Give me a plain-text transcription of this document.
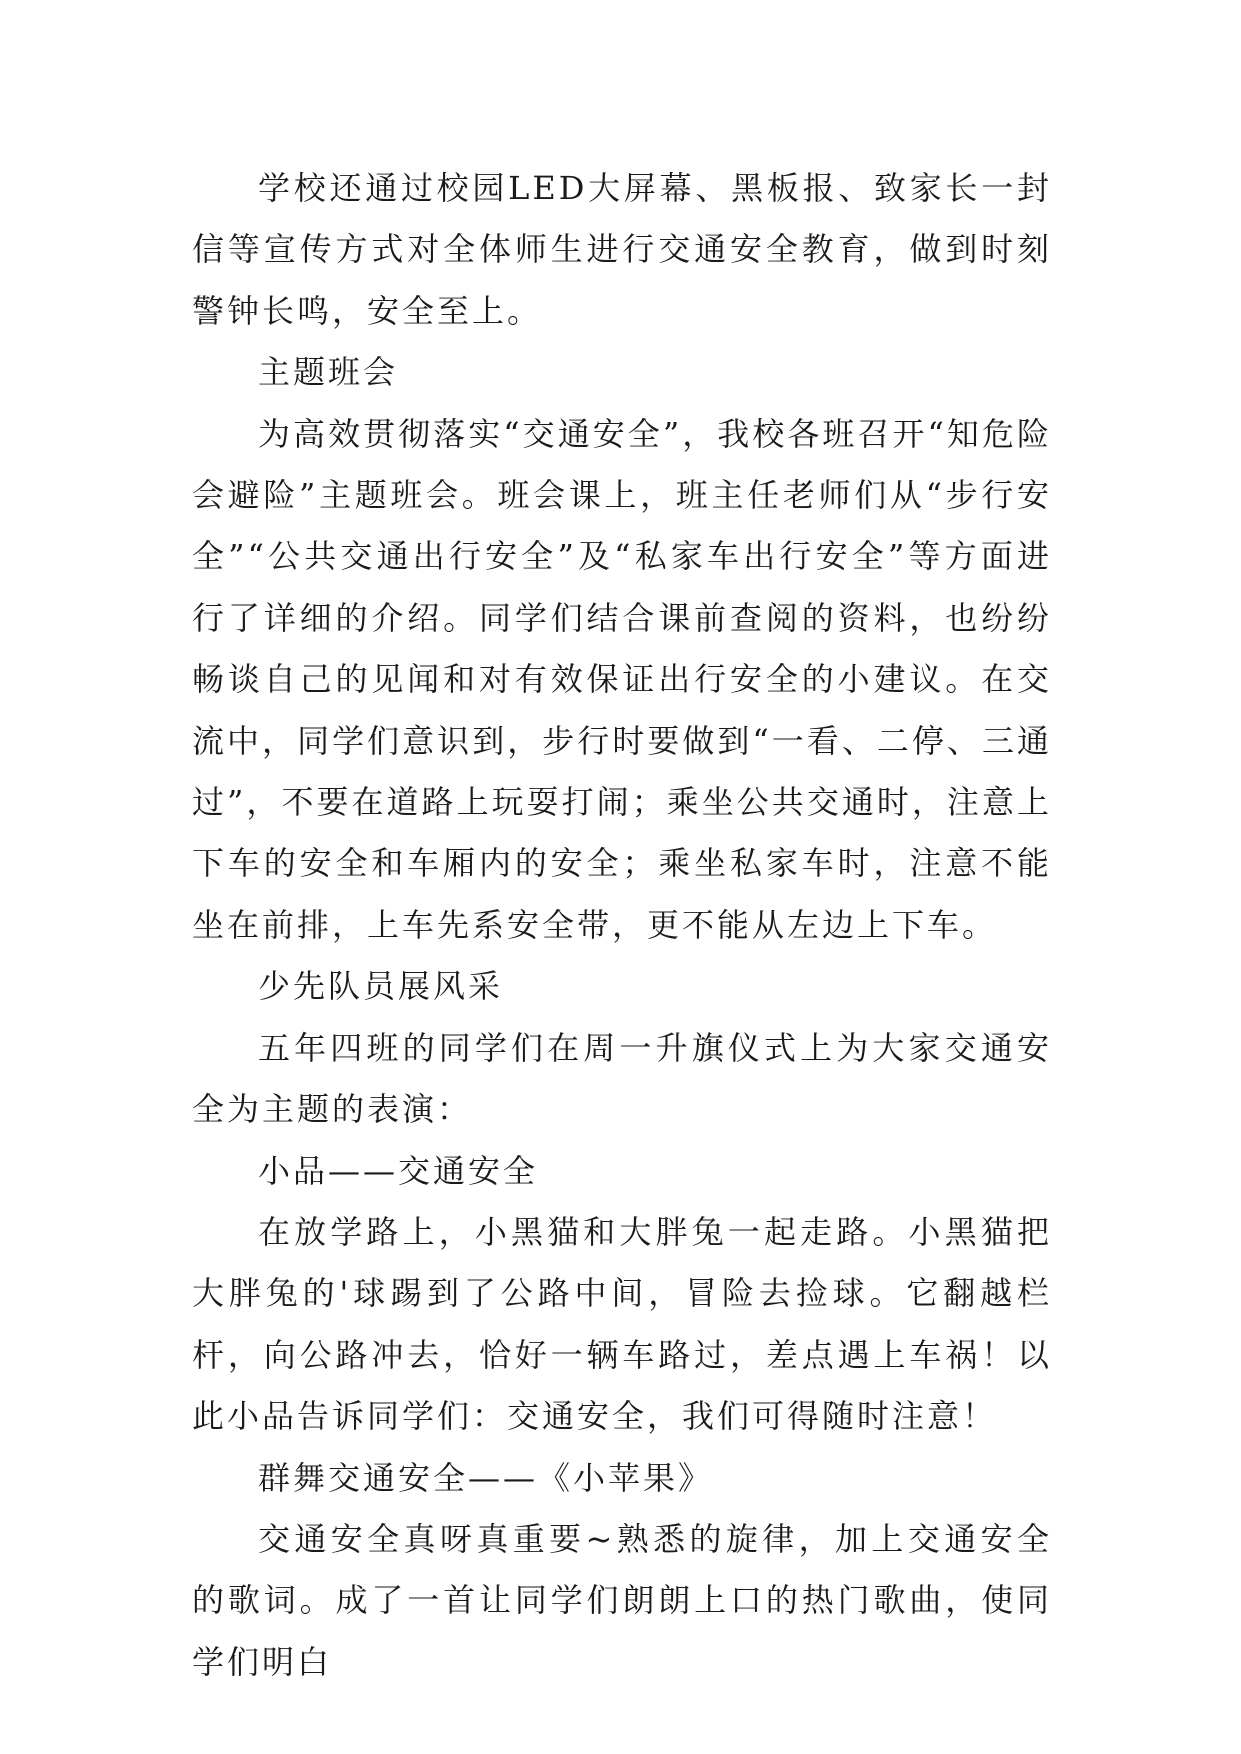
学校还通过校园LED大屏幕、黑板报、致家长一封信等宣传方式对全体师生进行交通安全教育，做到时刻警钟长鸣，安全至上。

主题班会

为高效贯彻落实“交通安全”，我校各班召开“知危险会避险”主题班会。班会课上，班主任老师们从“步行安全”“公共交通出行安全”及“私家车出行安全”等方面进行了详细的介绍。同学们结合课前查阅的资料，也纷纷畅谈自己的见闻和对有效保证出行安全的小建议。在交流中，同学们意识到，步行时要做到“一看、二停、三通过”，不要在道路上玩耍打闹；乘坐公共交通时，注意上下车的安全和车厢内的安全；乘坐私家车时，注意不能坐在前排，上车先系安全带，更不能从左边上下车。

少先队员展风采

五年四班的同学们在周一升旗仪式上为大家交通安全为主题的表演：

小品——交通安全

在放学路上，小黑猫和大胖兔一起走路。小黑猫把大胖兔的'球踢到了公路中间，冒险去捡球。它翻越栏杆，向公路冲去，恰好一辆车路过，差点遇上车祸！以此小品告诉同学们：交通安全，我们可得随时注意！

群舞交通安全——《小苹果》

交通安全真呀真重要~熟悉的旋律，加上交通安全的歌词。成了一首让同学们朗朗上口的热门歌曲，使同学们明白
